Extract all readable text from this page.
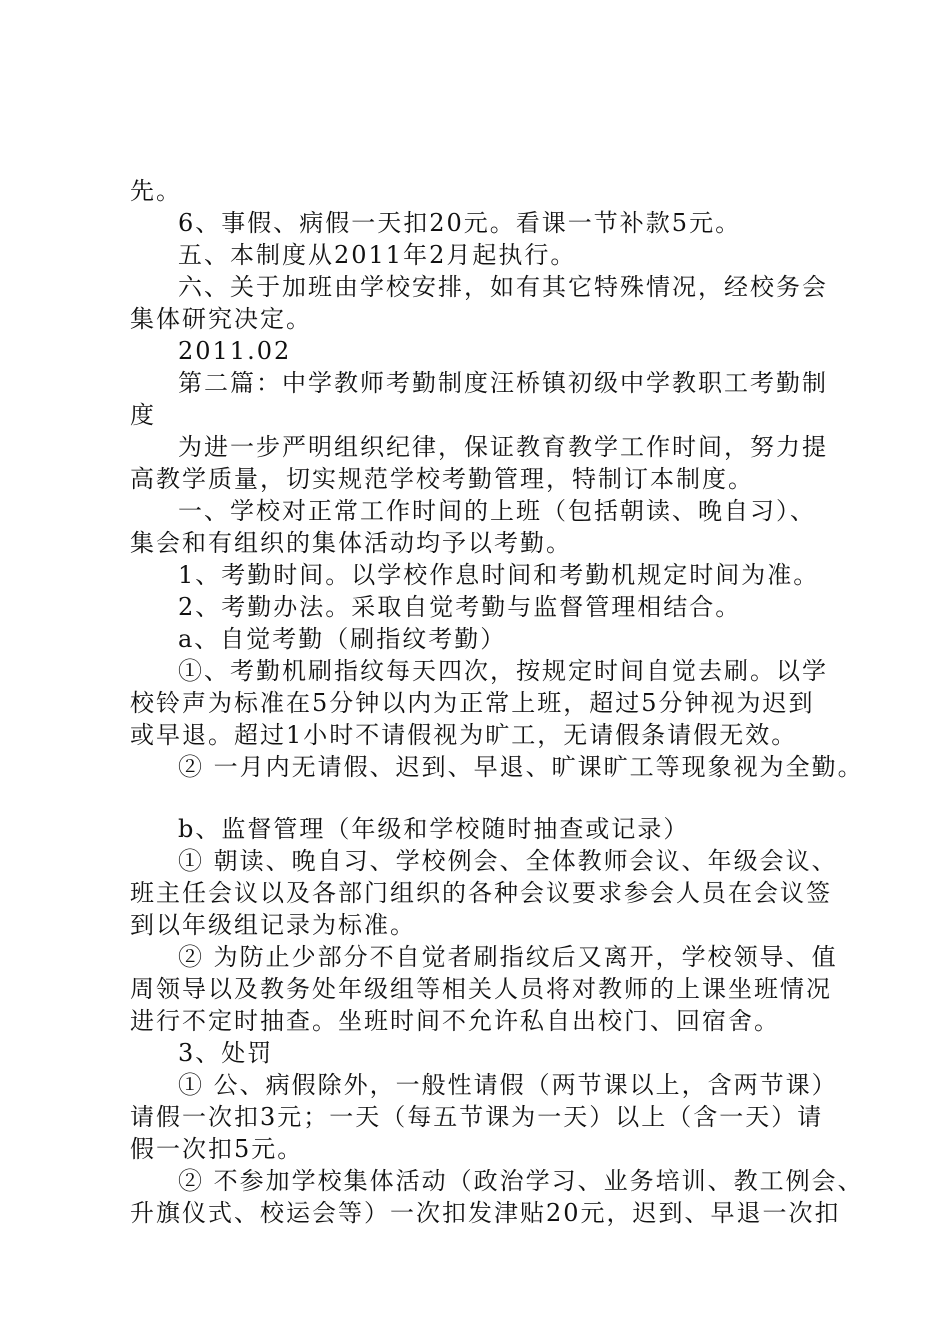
先。
6、事假、病假一天扣20元。看课一节补款5元。
五、本制度从2011年2月起执行。
六、关于加班由学校安排，如有其它特殊情况，经校务会
集体研究决定。
2011.02
第二篇：中学教师考勤制度汪桥镇初级中学教职工考勤制
度
为进一步严明组织纪律，保证教育教学工作时间，努力提
高教学质量，切实规范学校考勤管理，特制订本制度。
一、学校对正常工作时间的上班（包括朝读、晚自习）、
集会和有组织的集体活动均予以考勤。
1、考勤时间。以学校作息时间和考勤机规定时间为准。
2、考勤办法。采取自觉考勤与监督管理相结合。
a、自觉考勤（刷指纹考勤）
①、考勤机刷指纹每天四次，按规定时间自觉去刷。以学
校铃声为标准在5分钟以内为正常上班，超过5分钟视为迟到
或早退。超过1小时不请假视为旷工，无请假条请假无效。
② 一月内无请假、迟到、早退、旷课旷工等现象视为全勤。
b、监督管理（年级和学校随时抽查或记录）
① 朝读、晚自习、学校例会、全体教师会议、年级会议、
班主任会议以及各部门组织的各种会议要求参会人员在会议签
到以年级组记录为标准。
② 为防止少部分不自觉者刷指纹后又离开，学校领导、值
周领导以及教务处年级组等相关人员将对教师的上课坐班情况
进行不定时抽查。坐班时间不允许私自出校门、回宿舍。
3、处罚
① 公、病假除外，一般性请假（两节课以上，含两节课）
请假一次扣3元；一天（每五节课为一天）以上（含一天）请
假一次扣5元。
② 不参加学校集体活动（政治学习、业务培训、教工例会、
升旗仪式、校运会等）一次扣发津贴20元，迟到、早退一次扣
